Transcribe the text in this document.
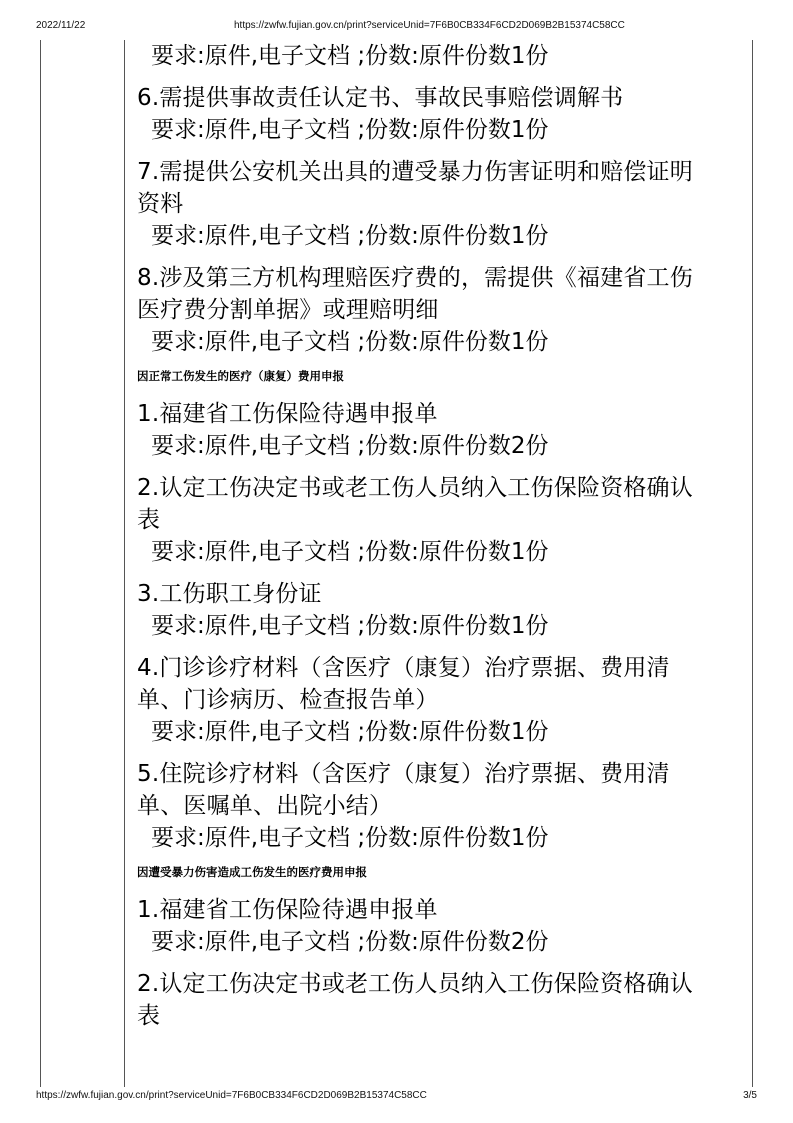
2022/11/22	https://zwfw.fujian.gov.cn/print?serviceUnid=7F6B0CB334F6CD2D069B2B15374C58CC
要求:原件,电子文档 ;份数:原件份数1份
6.需提供事故责任认定书、事故民事赔偿调解书
要求:原件,电子文档 ;份数:原件份数1份
7.需提供公安机关出具的遭受暴力伤害证明和赔偿证明
资料
要求:原件,电子文档 ;份数:原件份数1份
8.涉及第三方机构理赔医疗费的，需提供《福建省工伤
医疗费分割单据》或理赔明细
要求:原件,电子文档 ;份数:原件份数1份
因正常工伤发生的医疗（康复）费用申报
1.福建省工伤保险待遇申报单
要求:原件,电子文档 ;份数:原件份数2份
2.认定工伤决定书或老工伤人员纳入工伤保险资格确认
表
要求:原件,电子文档 ;份数:原件份数1份
3.工伤职工身份证
要求:原件,电子文档 ;份数:原件份数1份
4.门诊诊疗材料（含医疗（康复）治疗票据、费用清
单、门诊病历、检查报告单）
要求:原件,电子文档 ;份数:原件份数1份
5.住院诊疗材料（含医疗（康复）治疗票据、费用清
单、医嘱单、出院小结）
要求:原件,电子文档 ;份数:原件份数1份
因遭受暴力伤害造成工伤发生的医疗费用申报
1.福建省工伤保险待遇申报单
要求:原件,电子文档 ;份数:原件份数2份
2.认定工伤决定书或老工伤人员纳入工伤保险资格确认
表
https://zwfw.fujian.gov.cn/print?serviceUnid=7F6B0CB334F6CD2D069B2B15374C58CC	3/5
